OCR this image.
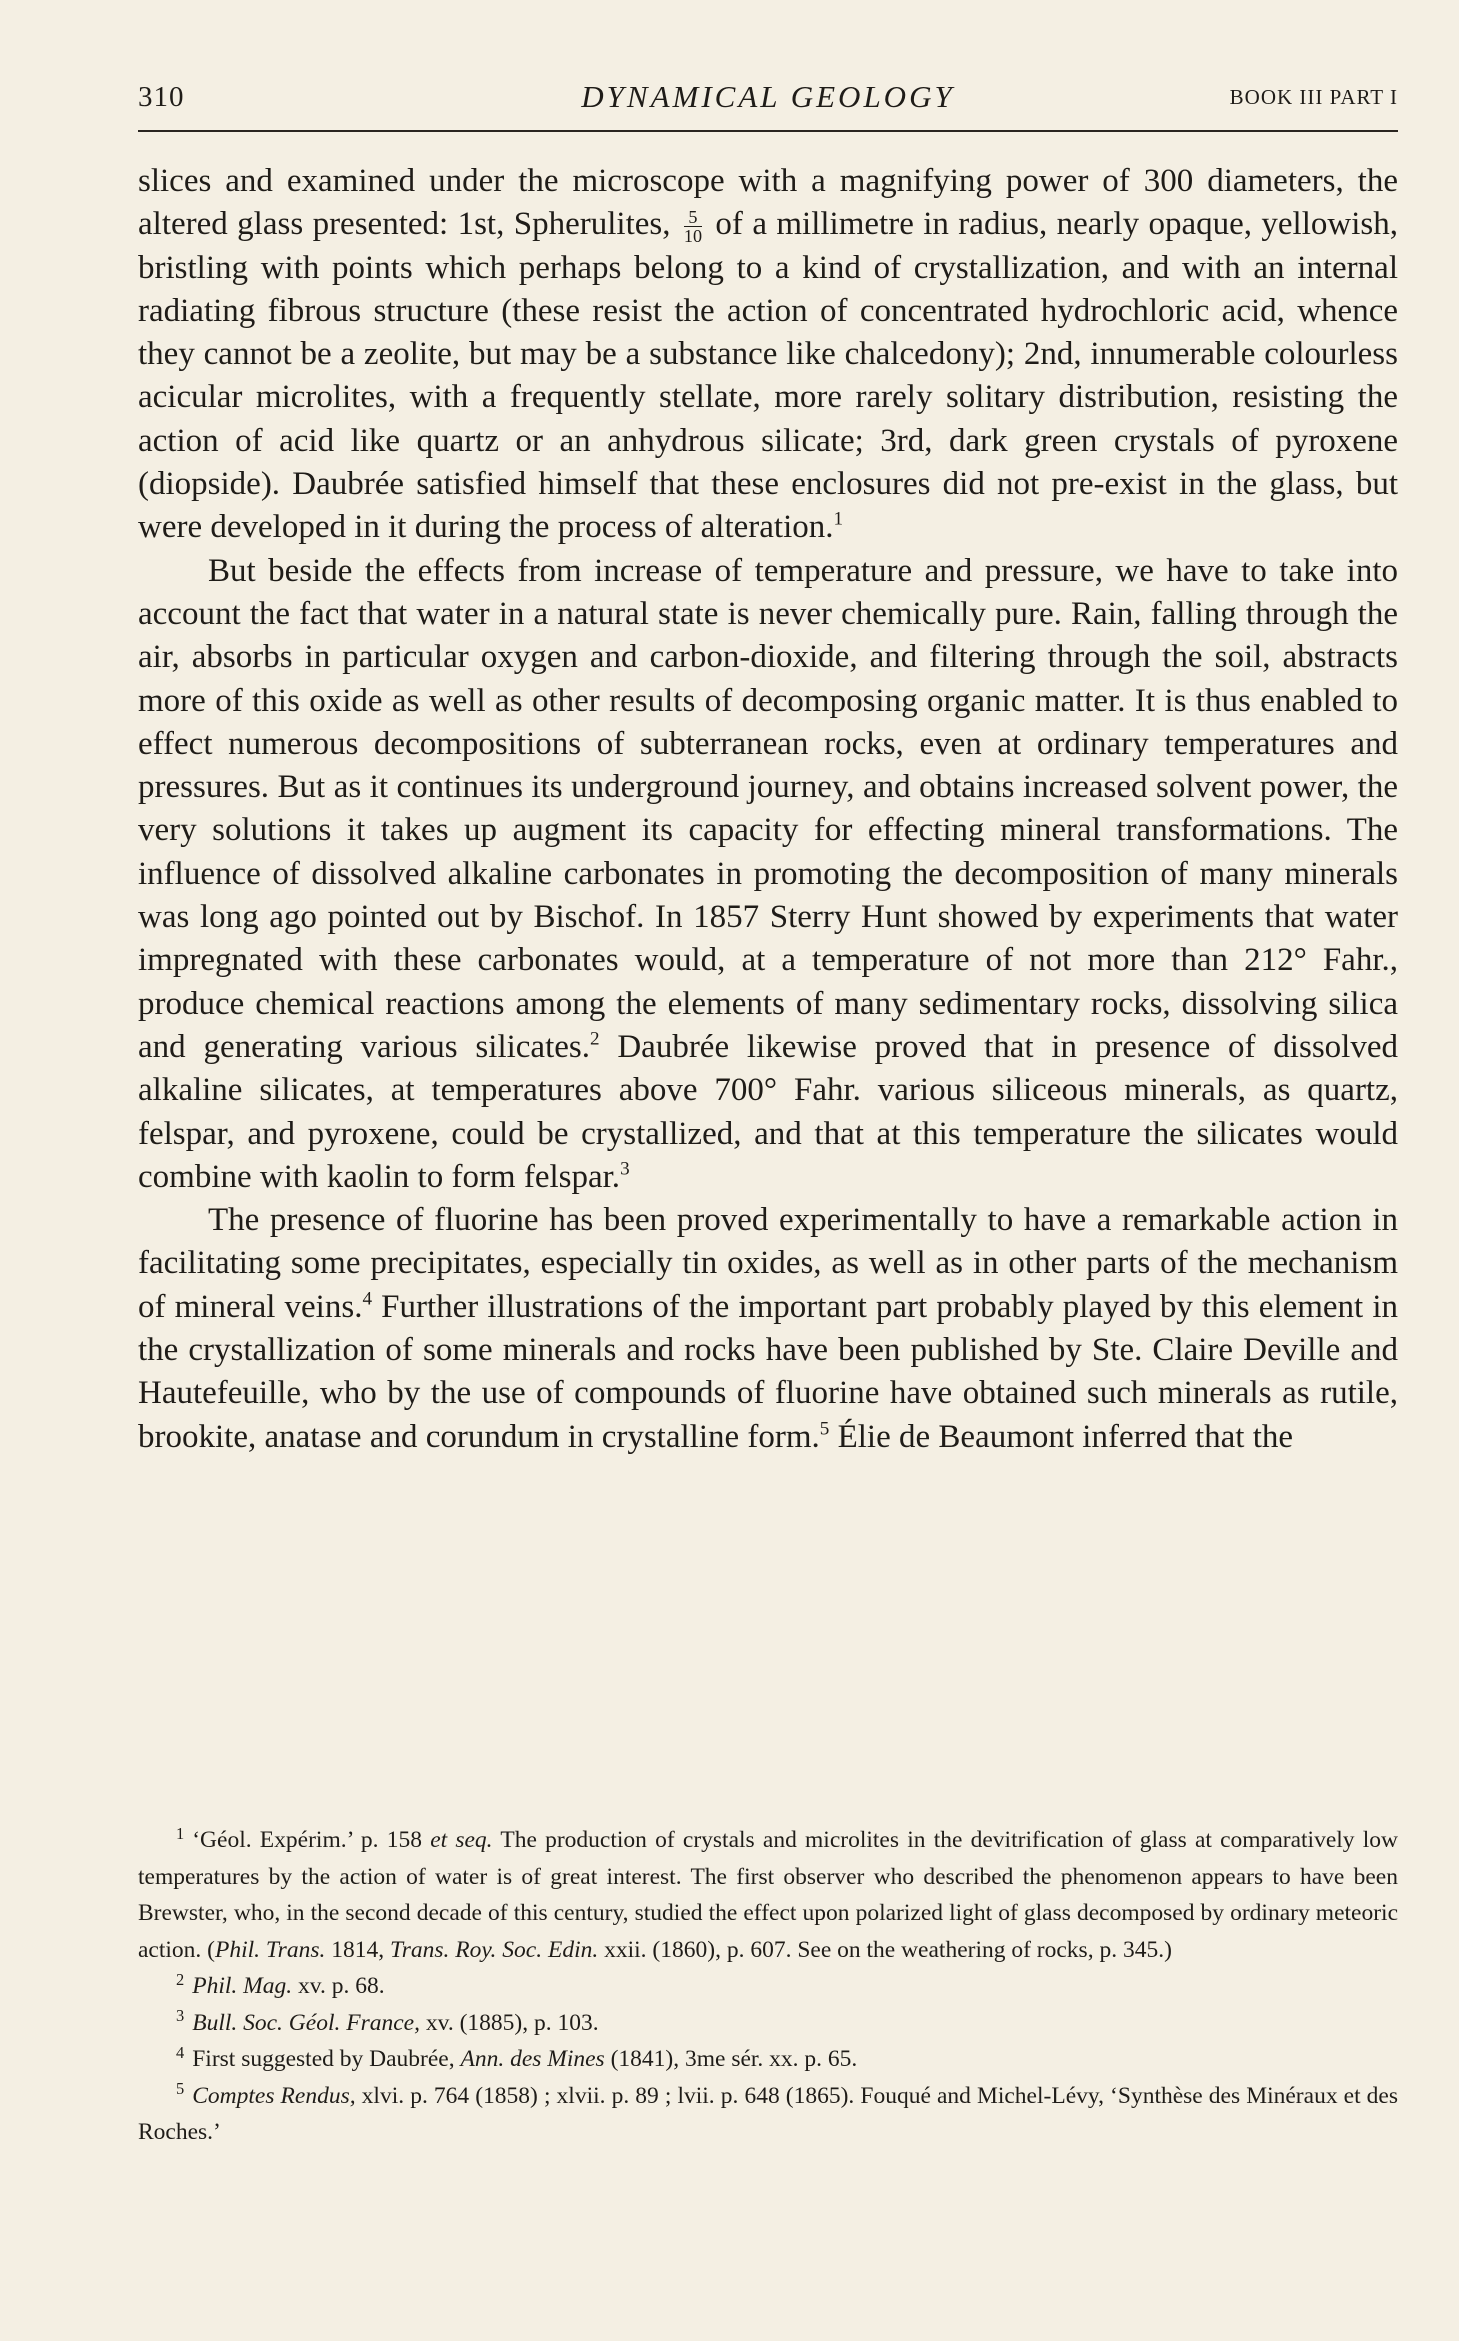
310	DYNAMICAL GEOLOGY	BOOK III PART I

slices and examined under the microscope with a magnifying power of 300 diameters, the altered glass presented: 1st, Spherulites, $\frac{5}{10}$ of a millimetre in radius, nearly opaque, yellowish, bristling with points which perhaps belong to a kind of crystallization, and with an internal radiating fibrous structure (these resist the action of concentrated hydrochloric acid, whence they cannot be a zeolite, but may be a substance like chalcedony); 2nd, innumerable colourless acicular microlites, with a frequently stellate, more rarely solitary distribution, resisting the action of acid like quartz or an anhydrous silicate; 3rd, dark green crystals of pyroxene (diopside). Daubrée satisfied himself that these enclosures did not pre-exist in the glass, but were developed in it during the process of alteration.$^1$

But beside the effects from increase of temperature and pressure, we have to take into account the fact that water in a natural state is never chemically pure. Rain, falling through the air, absorbs in particular oxygen and carbon-dioxide, and filtering through the soil, abstracts more of this oxide as well as other results of decomposing organic matter. It is thus enabled to effect numerous decompositions of subterranean rocks, even at ordinary temperatures and pressures. But as it continues its underground journey, and obtains increased solvent power, the very solutions it takes up augment its capacity for effecting mineral transformations. The influence of dissolved alkaline carbonates in promoting the decomposition of many minerals was long ago pointed out by Bischof. In 1857 Sterry Hunt showed by experiments that water impregnated with these carbonates would, at a temperature of not more than 212° Fahr., produce chemical reactions among the elements of many sedimentary rocks, dissolving silica and generating various silicates.$^2$ Daubrée likewise proved that in presence of dissolved alkaline silicates, at temperatures above 700° Fahr. various siliceous minerals, as quartz, felspar, and pyroxene, could be crystallized, and that at this temperature the silicates would combine with kaolin to form felspar.$^3$

The presence of fluorine has been proved experimentally to have a remarkable action in facilitating some precipitates, especially tin oxides, as well as in other parts of the mechanism of mineral veins.$^4$ Further illustrations of the important part probably played by this element in the crystallization of some minerals and rocks have been published by Ste. Claire Deville and Hautefeuille, who by the use of compounds of fluorine have obtained such minerals as rutile, brookite, anatase and corundum in crystalline form.$^5$ Élie de Beaumont inferred that the

$^1$ ‘Géol. Expérim.’ p. 158 et seq. The production of crystals and microlites in the devitrification of glass at comparatively low temperatures by the action of water is of great interest. The first observer who described the phenomenon appears to have been Brewster, who, in the second decade of this century, studied the effect upon polarized light of glass decomposed by ordinary meteoric action. (Phil. Trans. 1814, Trans. Roy. Soc. Edin. xxii. (1860), p. 607. See on the weathering of rocks, p. 345.)

$^2$ Phil. Mag. xv. p. 68.

$^3$ Bull. Soc. Géol. France, xv. (1885), p. 103.

$^4$ First suggested by Daubrée, Ann. des Mines (1841), 3me sér. xx. p. 65.

$^5$ Comptes Rendus, xlvi. p. 764 (1858) ; xlvii. p. 89 ; lvii. p. 648 (1865). Fouqué and Michel-Lévy, ‘Synthèse des Minéraux et des Roches.’
